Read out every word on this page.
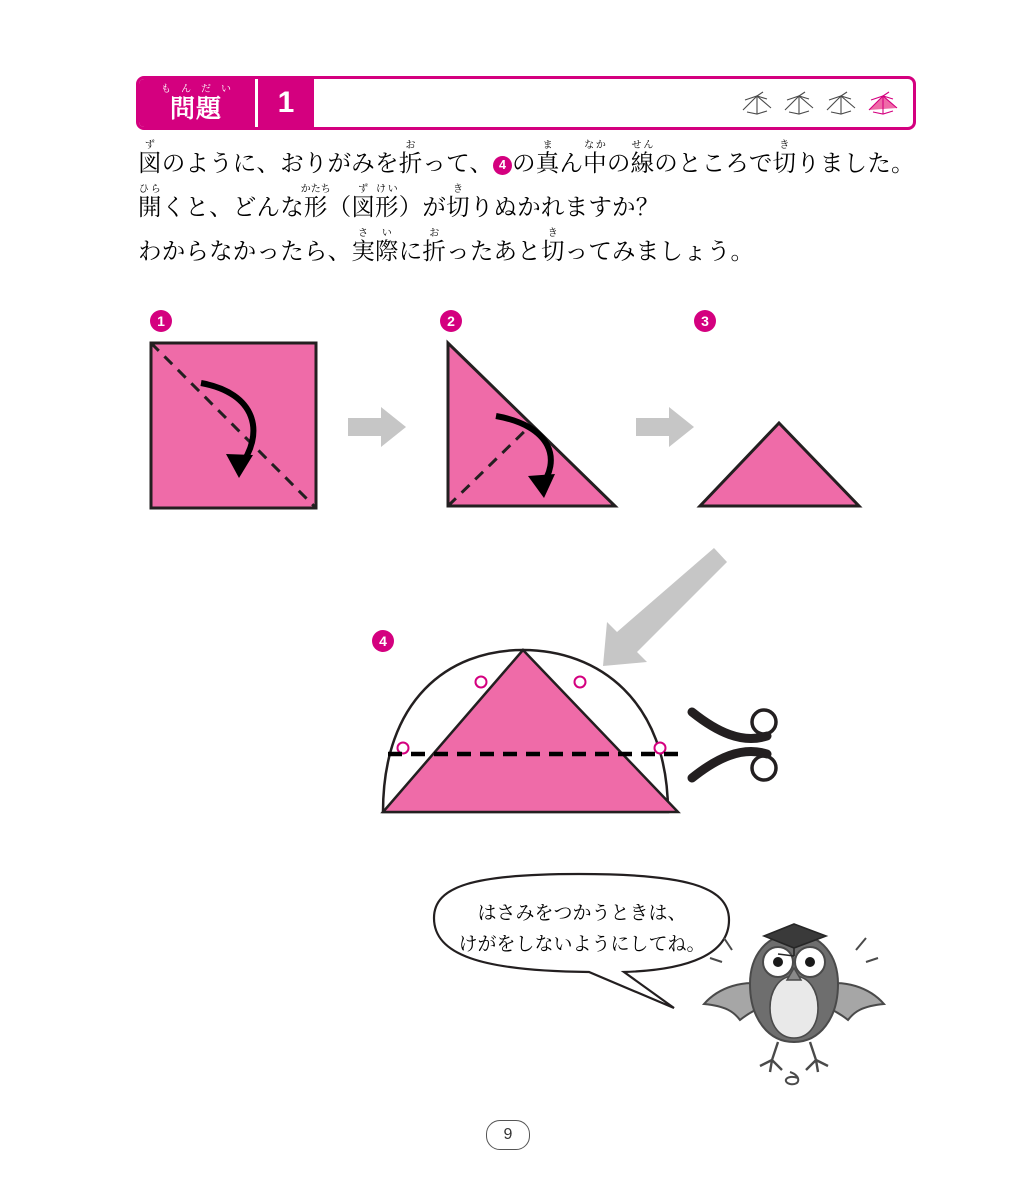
もんだい
問題	1
図ずのように、おりがみを折おって、 4 の真まん中なかの線せんのところで切きりました。
開ひらくと、どんな形かたち（図ず形けい）が切きりぬかれますか？
わからなかったら、実際さいに折おったあと切きってみましょう。
1	2	3
4
はさみをつかうときは、
けがをしないようにしてね。
9
